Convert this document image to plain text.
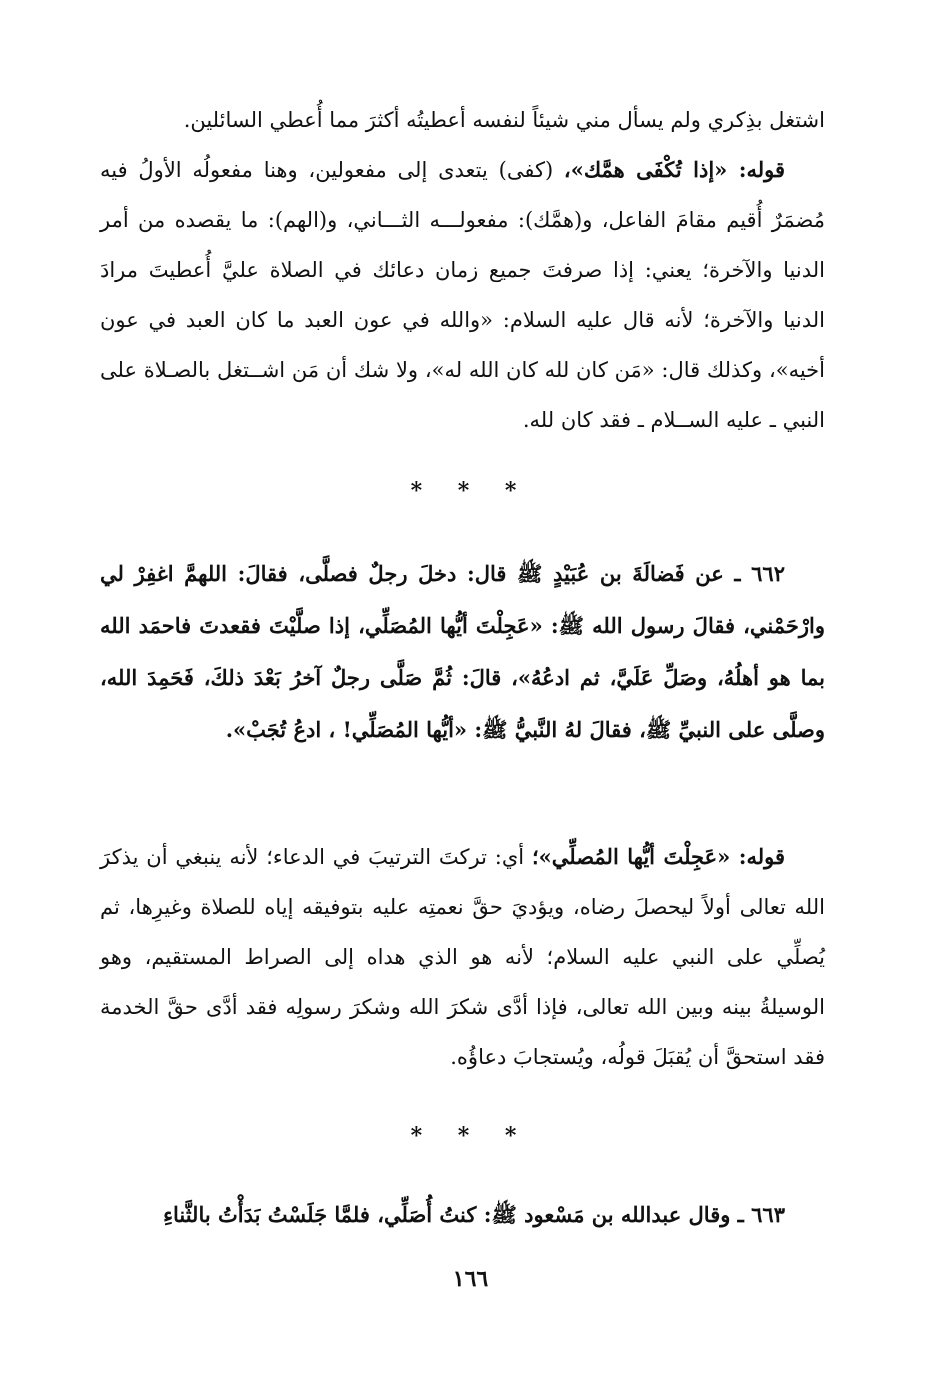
اشتغل بذِكري ولم يسأل مني شيئاً لنفسه أعطيتُه أكثرَ مما أُعطي السائلين.

قوله: «إذا تُكْفَى همَّك»، (كفى) يتعدى إلى مفعولين، وهنا مفعولُه الأولُ فيه مُضمَرٌ أُقيم مقامَ الفاعل، و(همَّك): مفعولـــه الثـــاني، و(الهم): ما يقصده من أمر الدنيا والآخرة؛ يعني: إذا صرفتَ جميع زمان دعائك في الصلاة عليَّ أُعطيتَ مرادَ الدنيا والآخرة؛ لأنه قال عليه السلام: «والله في عون العبد ما كان العبد في عون أخيه»، وكذلك قال: «مَن كان لله كان الله له»، ولا شك أن مَن اشــتغل بالصـلاة على النبي ـ عليه الســلام ـ فقد كان لله.

* * *

٦٦٢ ـ عن فَضالَةَ بن عُبَيْدٍ ﷺ قال: دخلَ رجلٌ فصلَّى، فقالَ: اللهمَّ اغفِرْ لي وارْحَمْني، فقالَ رسول الله ﷺ: «عَجِلْتَ أيُّها المُصَلِّي، إذا صلَّيْتَ فقعدتَ فاحمَد الله بما هو أهلُهُ، وصَلِّ عَلَيَّ، ثم ادعُهُ»، قالَ: ثُمَّ صَلَّى رجلٌ آخرُ بَعْدَ ذلكَ، فَحَمِدَ الله، وصلَّى على النبيِّ ﷺ، فقالَ لهُ النَّبيُّ ﷺ: «أيُّها المُصَلِّي! ، ادعُ تُجَبْ».

قوله: «عَجِلْتَ أيُّها المُصلِّي»؛ أي: تركتَ الترتيبَ في الدعاء؛ لأنه ينبغي أن يذكرَ الله تعالى أولاً ليحصلَ رضاه، ويؤديَ حقَّ نعمتِه عليه بتوفيقه إياه للصلاة وغيرِها، ثم يُصلِّي على النبي عليه السلام؛ لأنه هو الذي هداه إلى الصراط المستقيم، وهو الوسيلةُ بينه وبين الله تعالى، فإذا أدَّى شكرَ الله وشكرَ رسولِه فقد أدَّى حقَّ الخدمة فقد استحقَّ أن يُقبَلَ قولُه، ويُستجابَ دعاؤُه.

* * *

٦٦٣ ـ وقال عبدالله بن مَسْعود ﷺ: كنتُ أُصَلِّي، فلمَّا جَلَسْتُ بَدَأْتُ بالثَّناءِ

١٦٦
